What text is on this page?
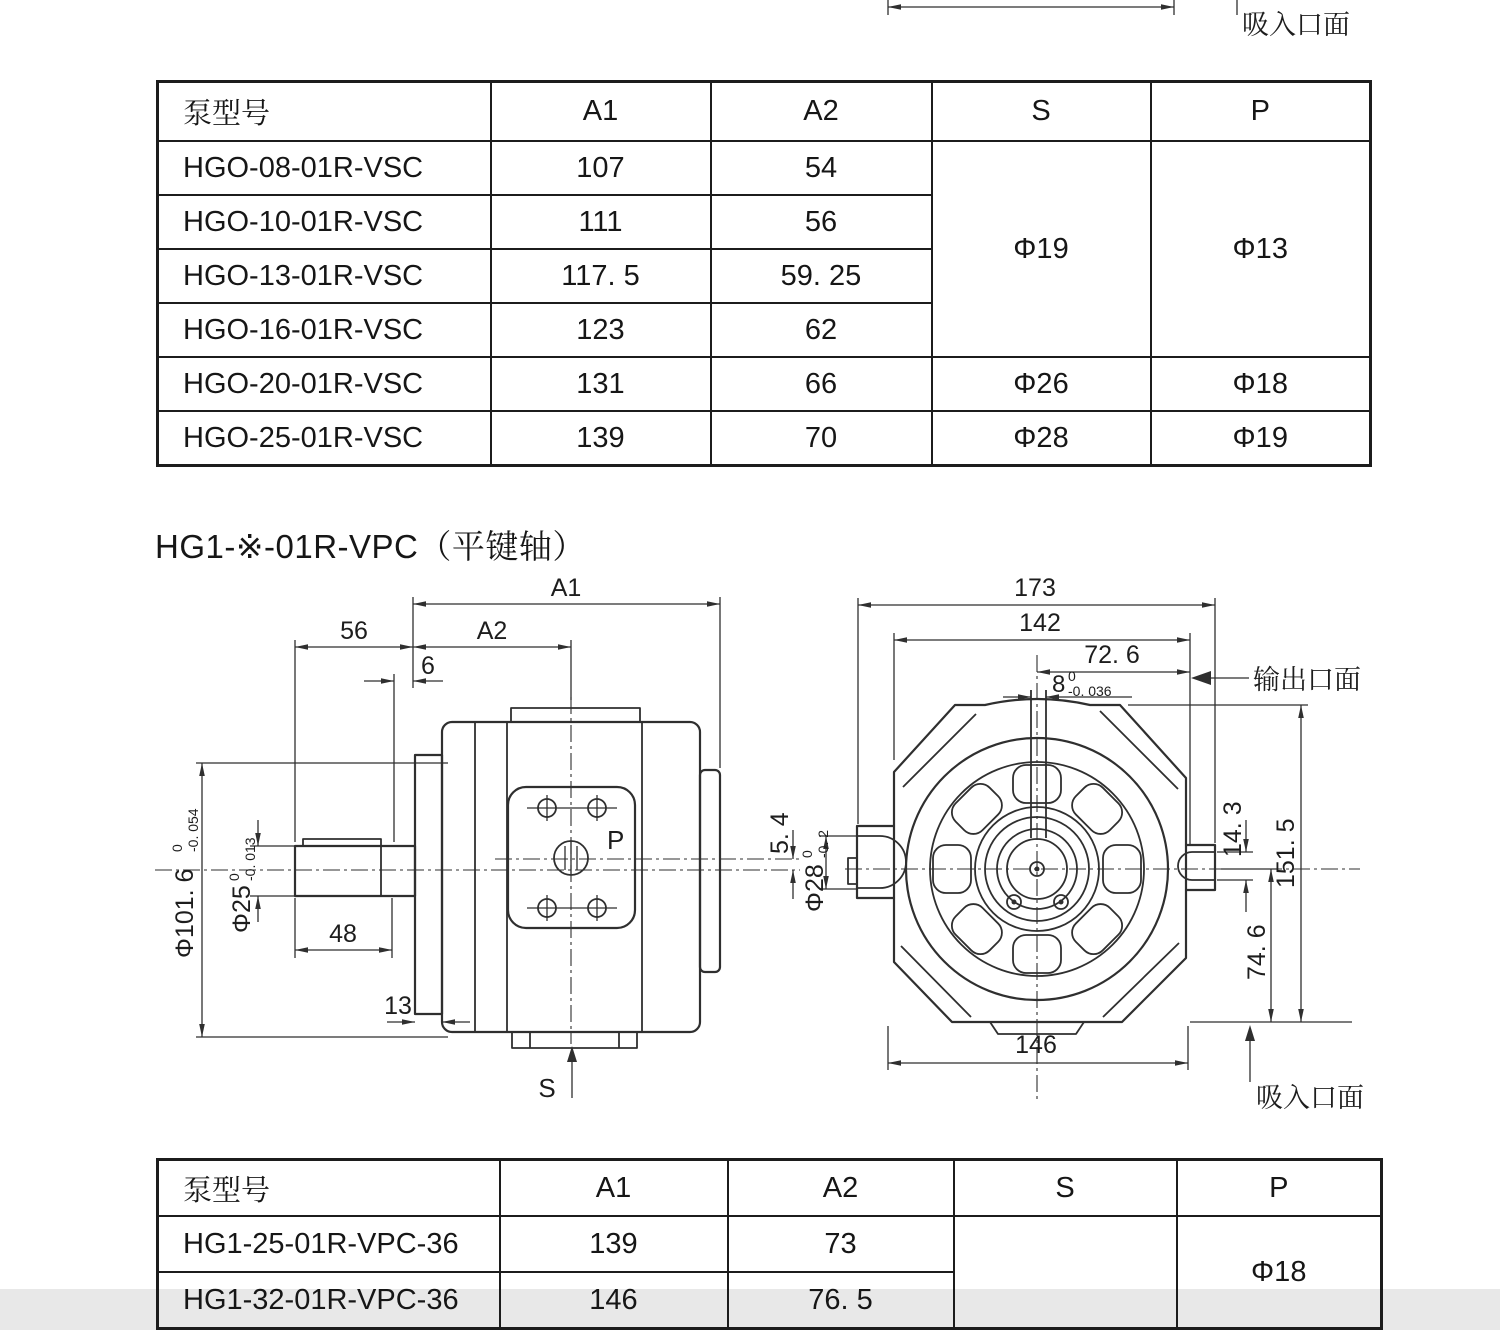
吸入口面
泵型号	A1	A2	S	P
HGO-08-01R-VSC	107	54	Φ19	Φ13
HGO-10-01R-VSC	111	56		
HGO-13-01R-VSC	117. 5	59. 25		
HGO-16-01R-VSC	123	62		
HGO-20-01R-VSC	131	66	Φ26	Φ18
HGO-25-01R-VSC	139	70	Φ28	Φ19
HG1-※-01R-VPC（平键轴）
P
S
A1
A2
56
6
48
13
Φ101. 6
0 -0. 054
Φ25
0 -0. 013
5. 4
173
142
72. 6
8 0
-0. 036	输出口面
Φ28
0 -0. 2	14. 3
74. 6
151. 5
146
吸入口面
泵型号	A1	A2	S	P
HG1-25-01R-VPC-36	139	73		Φ18
HG1-32-01R-VPC-36	146	76. 5		
